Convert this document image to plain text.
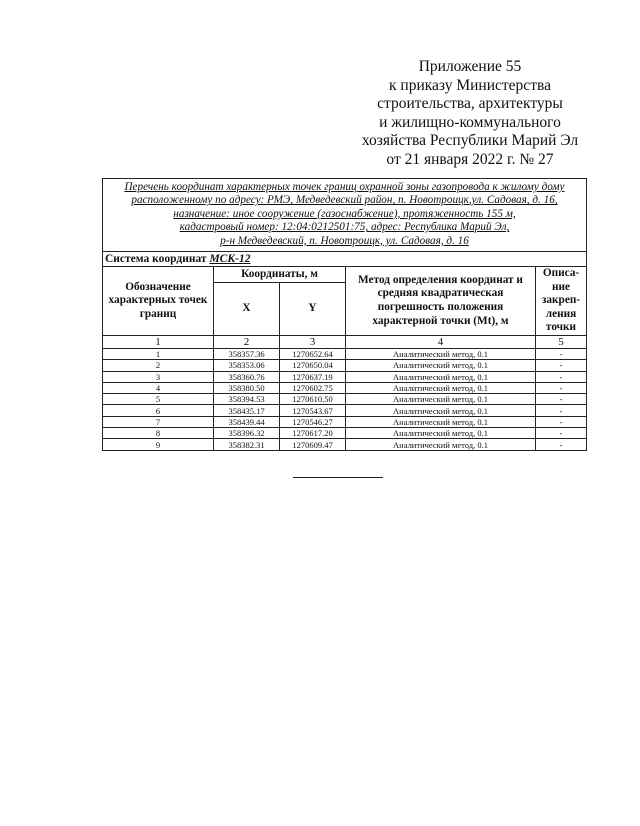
Приложение 55
к приказу Министерства
строительства, архитектуры
и жилищно-коммунального
хозяйства Республики Марий Эл
от 21 января 2022 г. № 27
Перечень координат характерных точек границ охранной зоны газопровода к жилому дому
расположенному по адресу: РМЭ, Медведевский район, п. Новотроицк,ул. Садовая, д. 16,
назначение: иное сооружение (газоснабжение), протяженность 155 м,
кадастровый номер: 12:04:0212501:75, адрес: Республика Марий Эл,
р-н Медведевский, п. Новотроицк, ул. Садовая, д. 16				

Система координат МСК-12				
Обозначение характерных точек границ	Координаты, м		Метод определения координат и средняя квадратическая погрешность положения характерной точки (Mt), м	Описа-ние закреп-ления точки
	X	Y		
1	2	3	4	5
1	358357.36	1270652.64	Аналитический метод, 0.1	-
2	358353.06	1270650.04	Аналитический метод, 0.1	-
3	358360.76	1270637.19	Аналитический метод, 0.1	-
4	358380.50	1270602.75	Аналитический метод, 0.1	-
5	358394.53	1270610.50	Аналитический метод, 0.1	-
6	358435.17	1270543.67	Аналитический метод, 0.1	-
7	358439.44	1270546.27	Аналитический метод, 0.1	-
8	358396.32	1270617.20	Аналитический метод, 0.1	-
9	358382.31	1270609.47	Аналитический метод, 0.1	-
